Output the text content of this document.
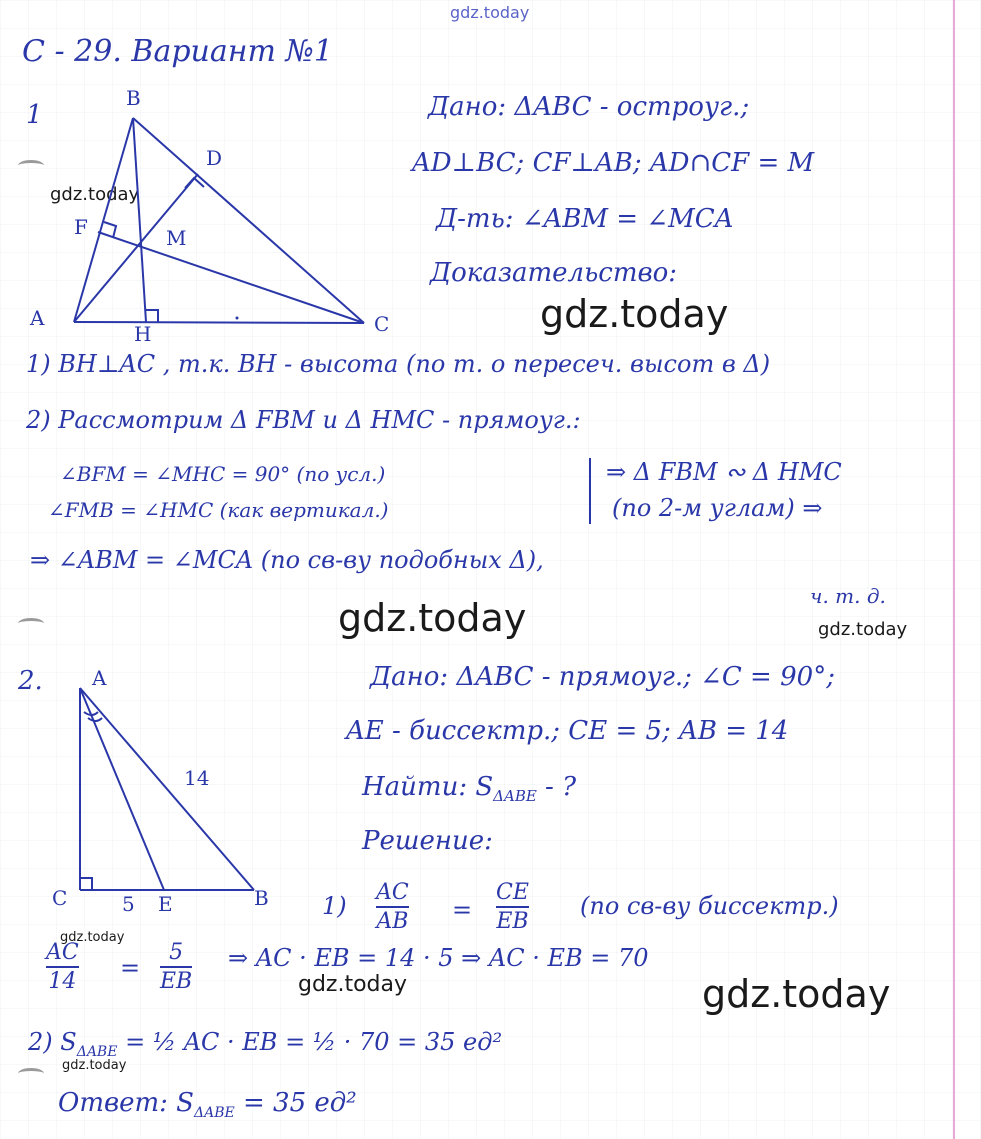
gdz.today
gdz.today
gdz.today
gdz.today	gdz.today
gdz.today
gdz.today	gdz.today
gdz.today
С - 29. Вариант №1
1
B
D
F	M
A
H	C
Дано: ΔABC - остроуг.;
AD⊥BC; CF⊥AB; AD∩CF = M
Д-ть: ∠ABM = ∠MCA
Доказательство:
1) BH⊥AC , т.к. BH - высота (по т. о пересеч. высот в Δ)
2) Рассмотрим Δ FBM и Δ HMC - прямоуг.:
∠BFM = ∠MHC = 90° (по усл.)
∠FMB = ∠HMC (как вертикал.)
⇒ Δ FBM ∾ Δ HMC
(по 2-м углам) ⇒
⇒ ∠ABM = ∠MCA (по св-ву подобных Δ),
ч. т. д.
2. A
14
C	5 E	B
Дано: ΔABC - прямоуг.; ∠C = 90°;
AE - биссектр.; CE = 5; AB = 14
Найти: $S_{\Delta ABE}$ - ?
Решение:
1) AC
AB =
CE
EB
(по св-ву биссектр.)
AC
14 =
5
EB
⇒ AC · EB = 14 · 5 ⇒ AC · EB = 70
2) $S_{\Delta ABE}$ = ½ AC · EB = ½ · 70 = 35 ед²
Ответ: $S_{\Delta ABE} = 35$ ед²
